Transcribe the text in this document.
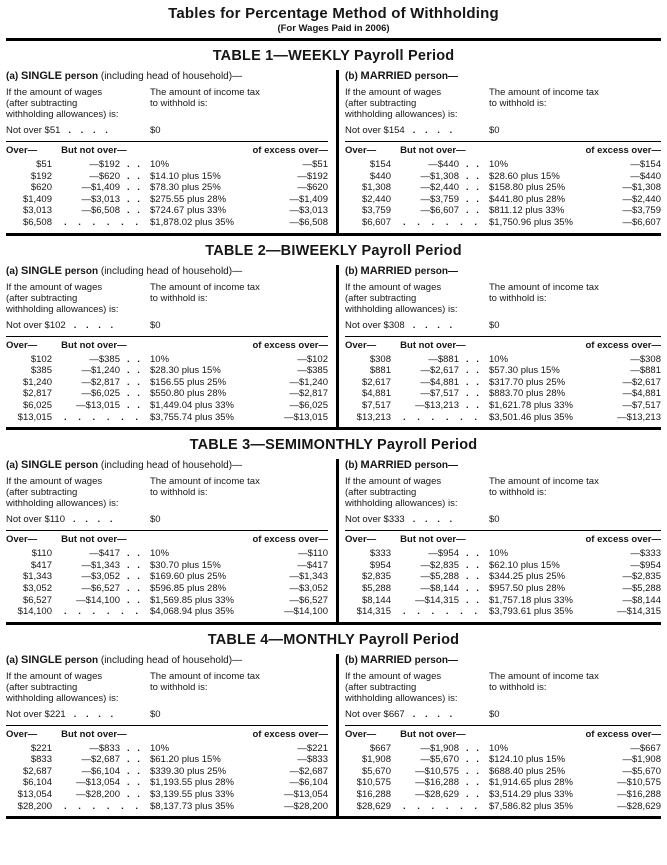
Tables for Percentage Method of Withholding
(For Wages Paid in 2006)
TABLE 1—WEEKLY Payroll Period
(a) SINGLE person (including head of household)—
If the amount of wages
(after subtracting
withholding allowances) is:
The amount of income tax
to withhold is:
Not over $51 . . . .	$0
Over—	But not over—	of excess over—
$51	—$192 . .	10%	—$51
$192	—$620 . .	$14.10 plus 15%	—$192
$620	—$1,409 . .	$78.30 plus 25%	—$620
$1,409	—$3,013 . .	$275.55 plus 28%	—$1,409
$3,013	—$6,508 . .	$724.67 plus 33%	—$3,013
$6,508	. . . . . .	$1,878.02 plus 35%	—$6,508
(b) MARRIED person—
If the amount of wages
(after subtracting
withholding allowances) is:
The amount of income tax
to withhold is:
Not over $154 . . . .	$0
Over—	But not over—	of excess over—
$154	—$440 . .	10%	—$154
$440	—$1,308 . .	$28.60 plus 15%	—$440
$1,308	—$2,440 . .	$158.80 plus 25%	—$1,308
$2,440	—$3,759 . .	$441.80 plus 28%	—$2,440
$3,759	—$6,607 . .	$811.12 plus 33%	—$3,759
$6,607	. . . . . .	$1,750.96 plus 35%	—$6,607
TABLE 2—BIWEEKLY Payroll Period
(a) SINGLE person (including head of household)—
If the amount of wages
(after subtracting
withholding allowances) is:
The amount of income tax
to withhold is:
Not over $102 . . . .	$0
Over—	But not over—	of excess over—
$102	—$385 . .	10%	—$102
$385	—$1,240 . .	$28.30 plus 15%	—$385
$1,240	—$2,817 . .	$156.55 plus 25%	—$1,240
$2,817	—$6,025 . .	$550.80 plus 28%	—$2,817
$6,025	—$13,015 . .	$1,449.04 plus 33%	—$6,025
$13,015	. . . . . .	$3,755.74 plus 35%	—$13,015
(b) MARRIED person—
If the amount of wages
(after subtracting
withholding allowances) is:
The amount of income tax
to withhold is:
Not over $308 . . . .	$0
Over—	But not over—	of excess over—
$308	—$881 . .	10%	—$308
$881	—$2,617 . .	$57.30 plus 15%	—$881
$2,617	—$4,881 . .	$317.70 plus 25%	—$2,617
$4,881	—$7,517 . .	$883.70 plus 28%	—$4,881
$7,517	—$13,213 . .	$1,621.78 plus 33%	—$7,517
$13,213	. . . . . .	$3,501.46 plus 35%	—$13,213
TABLE 3—SEMIMONTHLY Payroll Period
(a) SINGLE person (including head of household)—
If the amount of wages
(after subtracting
withholding allowances) is:
The amount of income tax
to withhold is:
Not over $110 . . . .	$0
Over—	But not over—	of excess over—
$110	—$417 . .	10%	—$110
$417	—$1,343 . .	$30.70 plus 15%	—$417
$1,343	—$3,052 . .	$169.60 plus 25%	—$1,343
$3,052	—$6,527 . .	$596.85 plus 28%	—$3,052
$6,527	—$14,100 . .	$1,569.85 plus 33%	—$6,527
$14,100	. . . . . .	$4,068.94 plus 35%	—$14,100
(b) MARRIED person—
If the amount of wages
(after subtracting
withholding allowances) is:
The amount of income tax
to withhold is:
Not over $333 . . . .	$0
Over—	But not over—	of excess over—
$333	—$954 . .	10%	—$333
$954	—$2,835 . .	$62.10 plus 15%	—$954
$2,835	—$5,288 . .	$344.25 plus 25%	—$2,835
$5,288	—$8,144 . .	$957.50 plus 28%	—$5,288
$8,144	—$14,315 . .	$1,757.18 plus 33%	—$8,144
$14,315	. . . . . .	$3,793.61 plus 35%	—$14,315
TABLE 4—MONTHLY Payroll Period
(a) SINGLE person (including head of household)—
If the amount of wages
(after subtracting
withholding allowances) is:
The amount of income tax
to withhold is:
Not over $221 . . . .	$0
Over—	But not over—	of excess over—
$221	—$833 . .	10%	—$221
$833	—$2,687 . .	$61.20 plus 15%	—$833
$2,687	—$6,104 . .	$339.30 plus 25%	—$2,687
$6,104	—$13,054 . .	$1,193.55 plus 28%	—$6,104
$13,054	—$28,200 . .	$3,139.55 plus 33%	—$13,054
$28,200	. . . . . .	$8,137.73 plus 35%	—$28,200
(b) MARRIED person—
If the amount of wages
(after subtracting
withholding allowances) is:
The amount of income tax
to withhold is:
Not over $667 . . . .	$0
Over—	But not over—	of excess over—
$667	—$1,908 . .	10%	—$667
$1,908	—$5,670 . .	$124.10 plus 15%	—$1,908
$5,670	—$10,575 . .	$688.40 plus 25%	—$5,670
$10,575	—$16,288 . .	$1,914.65 plus 28%	—$10,575
$16,288	—$28,629 . .	$3,514.29 plus 33%	—$16,288
$28,629	. . . . . .	$7,586.82 plus 35%	—$28,629
